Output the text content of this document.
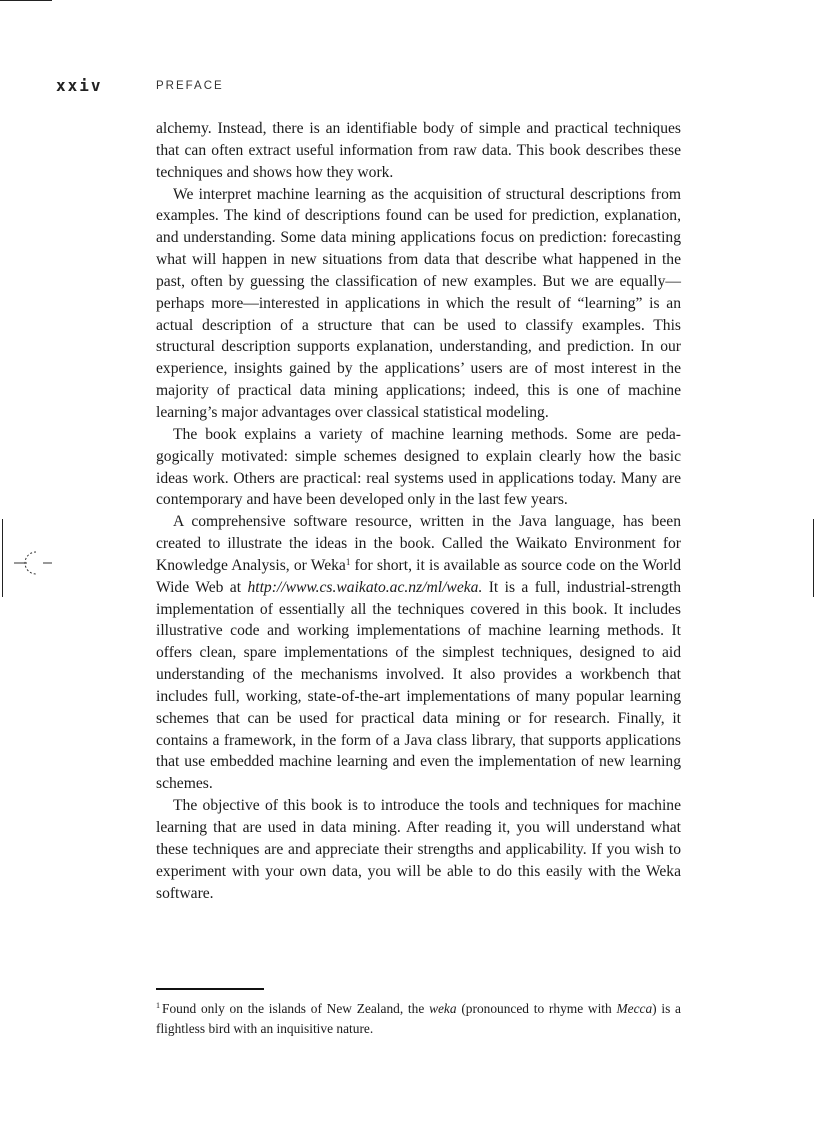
xxiv	PREFACE

alchemy. Instead, there is an identifiable body of simple and practical techniques that can often extract useful information from raw data. This book describes these techniques and shows how they work.

We interpret machine learning as the acquisition of structural descriptions from examples. The kind of descriptions found can be used for prediction, explanation, and understanding. Some data mining applications focus on prediction: forecasting what will happen in new situations from data that describe what happened in the past, often by guessing the classification of new examples. But we are equally—perhaps more—interested in applications in which the result of “learning” is an actual description of a structure that can be used to classify examples. This structural description supports explanation, understanding, and prediction. In our experience, insights gained by the applications’ users are of most interest in the majority of practical data mining applications; indeed, this is one of machine learning’s major advantages over classical statistical modeling.

The book explains a variety of machine learning methods. Some are pedagogically motivated: simple schemes designed to explain clearly how the basic ideas work. Others are practical: real systems used in applications today. Many are contemporary and have been developed only in the last few years.

A comprehensive software resource, written in the Java language, has been created to illustrate the ideas in the book. Called the Waikato Environment for Knowledge Analysis, or Weka$^1$ for short, it is available as source code on the World Wide Web at http://www.cs.waikato.ac.nz/ml/weka. It is a full, industrial-strength implementation of essentially all the techniques covered in this book. It includes illustrative code and working implementations of machine learning methods. It offers clean, spare implementations of the simplest techniques, designed to aid understanding of the mechanisms involved. It also provides a workbench that includes full, working, state-of-the-art implementations of many popular learning schemes that can be used for practical data mining or for research. Finally, it contains a framework, in the form of a Java class library, that supports applications that use embedded machine learning and even the implementation of new learning schemes.

The objective of this book is to introduce the tools and techniques for machine learning that are used in data mining. After reading it, you will understand what these techniques are and appreciate their strengths and applicability. If you wish to experiment with your own data, you will be able to do this easily with the Weka software.

$^1$ Found only on the islands of New Zealand, the weka (pronounced to rhyme with Mecca) is a flightless bird with an inquisitive nature.
